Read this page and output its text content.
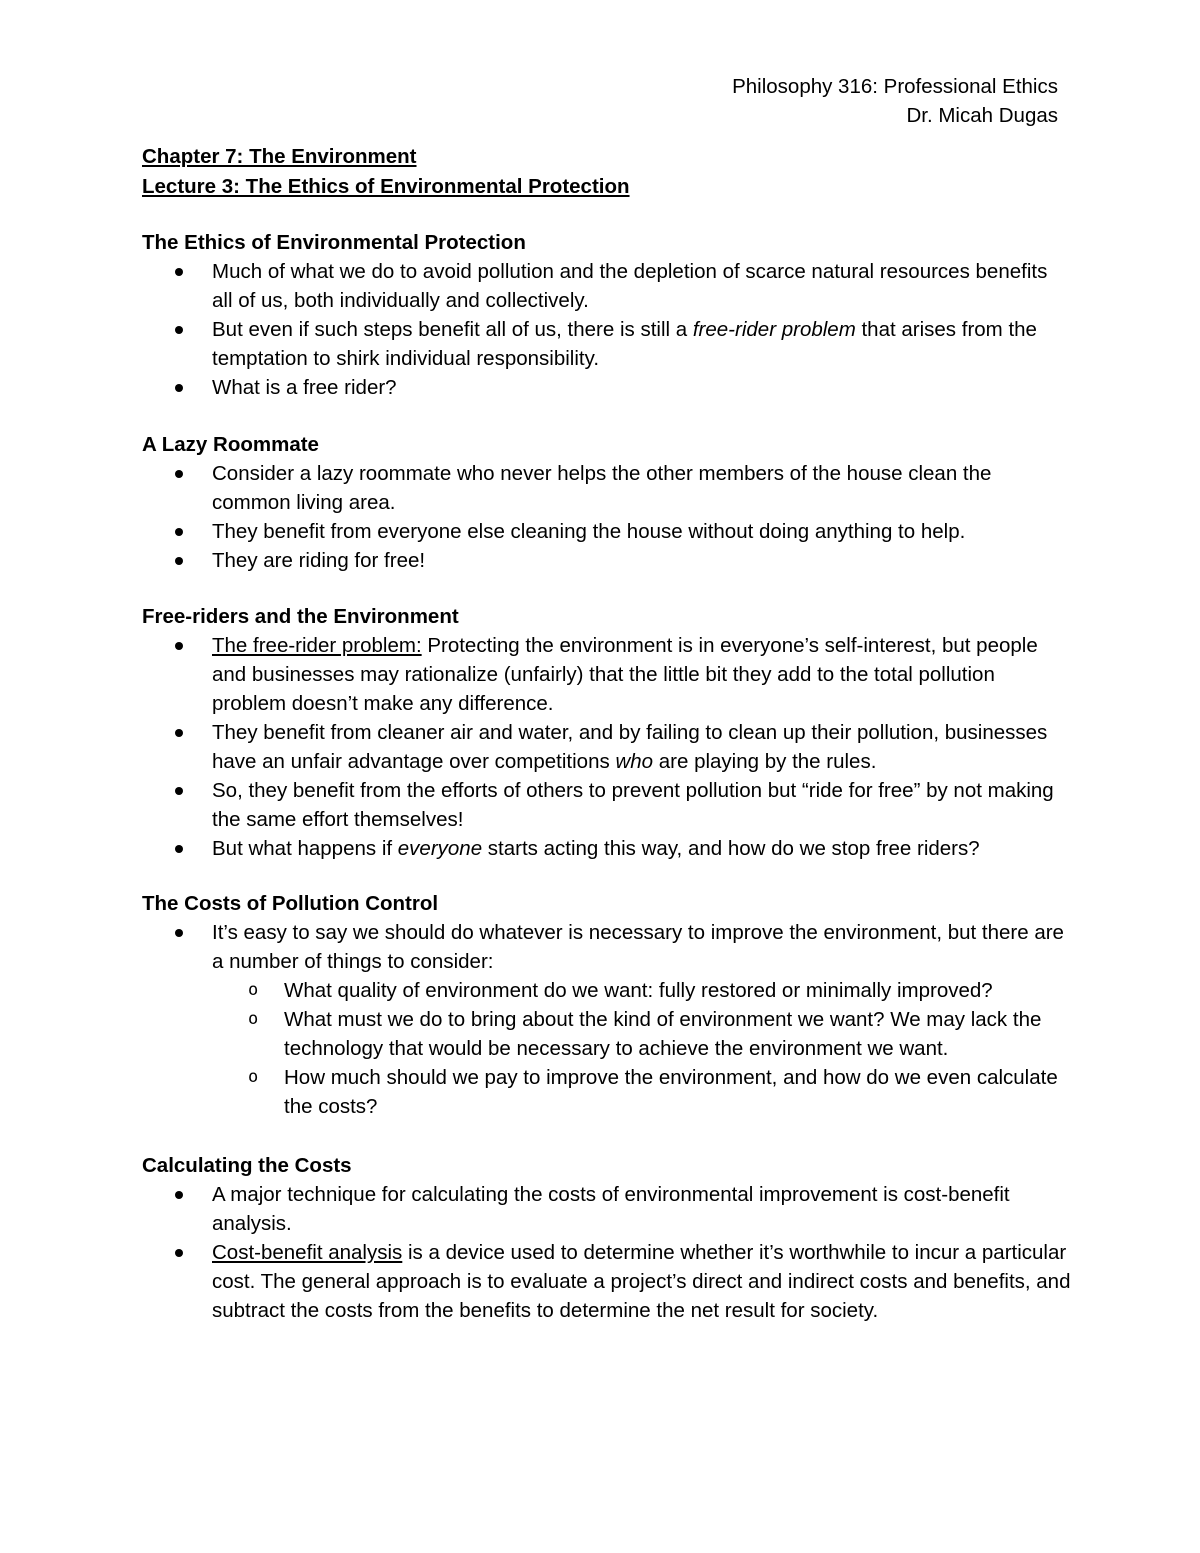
Philosophy 316: Professional Ethics
Dr. Micah Dugas
Chapter 7: The Environment
Lecture 3: The Ethics of Environmental Protection
The Ethics of Environmental Protection
Much of what we do to avoid pollution and the depletion of scarce natural resources benefits all of us, both individually and collectively.
But even if such steps benefit all of us, there is still a free-rider problem that arises from the temptation to shirk individual responsibility.
What is a free rider?
A Lazy Roommate
Consider a lazy roommate who never helps the other members of the house clean the common living area.
They benefit from everyone else cleaning the house without doing anything to help.
They are riding for free!
Free-riders and the Environment
The free-rider problem: Protecting the environment is in everyone’s self-interest, but people and businesses may rationalize (unfairly) that the little bit they add to the total pollution problem doesn’t make any difference.
They benefit from cleaner air and water, and by failing to clean up their pollution, businesses have an unfair advantage over competitions who are playing by the rules.
So, they benefit from the efforts of others to prevent pollution but “ride for free” by not making the same effort themselves!
But what happens if everyone starts acting this way, and how do we stop free riders?
The Costs of Pollution Control
It’s easy to say we should do whatever is necessary to improve the environment, but there are a number of things to consider:
o What quality of environment do we want: fully restored or minimally improved?
o What must we do to bring about the kind of environment we want? We may lack the technology that would be necessary to achieve the environment we want.
o How much should we pay to improve the environment, and how do we even calculate the costs?
Calculating the Costs
A major technique for calculating the costs of environmental improvement is cost-benefit analysis.
Cost-benefit analysis is a device used to determine whether it’s worthwhile to incur a particular cost. The general approach is to evaluate a project’s direct and indirect costs and benefits, and subtract the costs from the benefits to determine the net result for society.
